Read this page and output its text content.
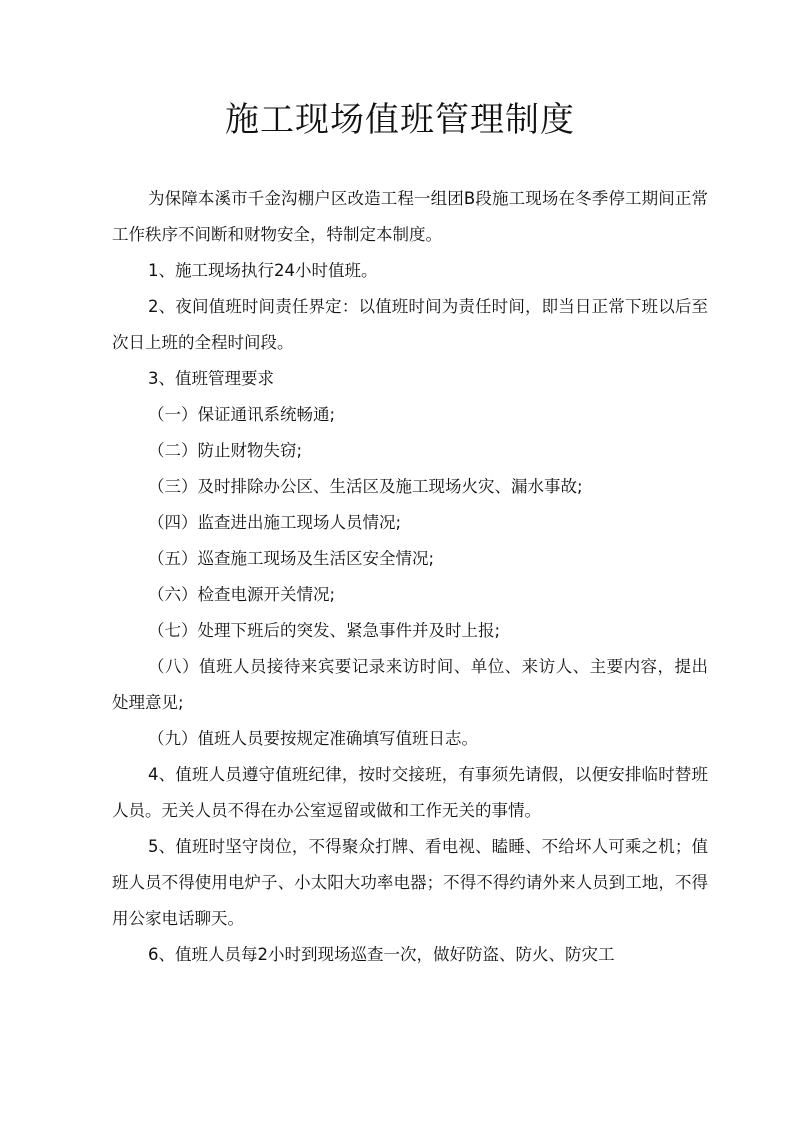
施工现场值班管理制度

为保障本溪市千金沟棚户区改造工程一组团B段施工现场在冬季停工期间正常工作秩序不间断和财物安全，特制定本制度。

1、施工现场执行24小时值班。

2、夜间值班时间责任界定：以值班时间为责任时间，即当日正常下班以后至次日上班的全程时间段。

3、值班管理要求

（一）保证通讯系统畅通;

（二）防止财物失窃;

（三）及时排除办公区、生活区及施工现场火灾、漏水事故;

（四）监查进出施工现场人员情况;

（五）巡查施工现场及生活区安全情况;

（六）检查电源开关情况;

（七）处理下班后的突发、紧急事件并及时上报;

（八）值班人员接待来宾要记录来访时间、单位、来访人、主要内容，提出处理意见;

（九）值班人员要按规定准确填写值班日志。

4、值班人员遵守值班纪律，按时交接班，有事须先请假，以便安排临时替班人员。无关人员不得在办公室逗留或做和工作无关的事情。

5、值班时坚守岗位，不得聚众打牌、看电视、瞌睡、不给坏人可乘之机；值班人员不得使用电炉子、小太阳大功率电器；不得不得约请外来人员到工地，不得用公家电话聊天。

6、值班人员每2小时到现场巡查一次，做好防盗、防火、防灾工
